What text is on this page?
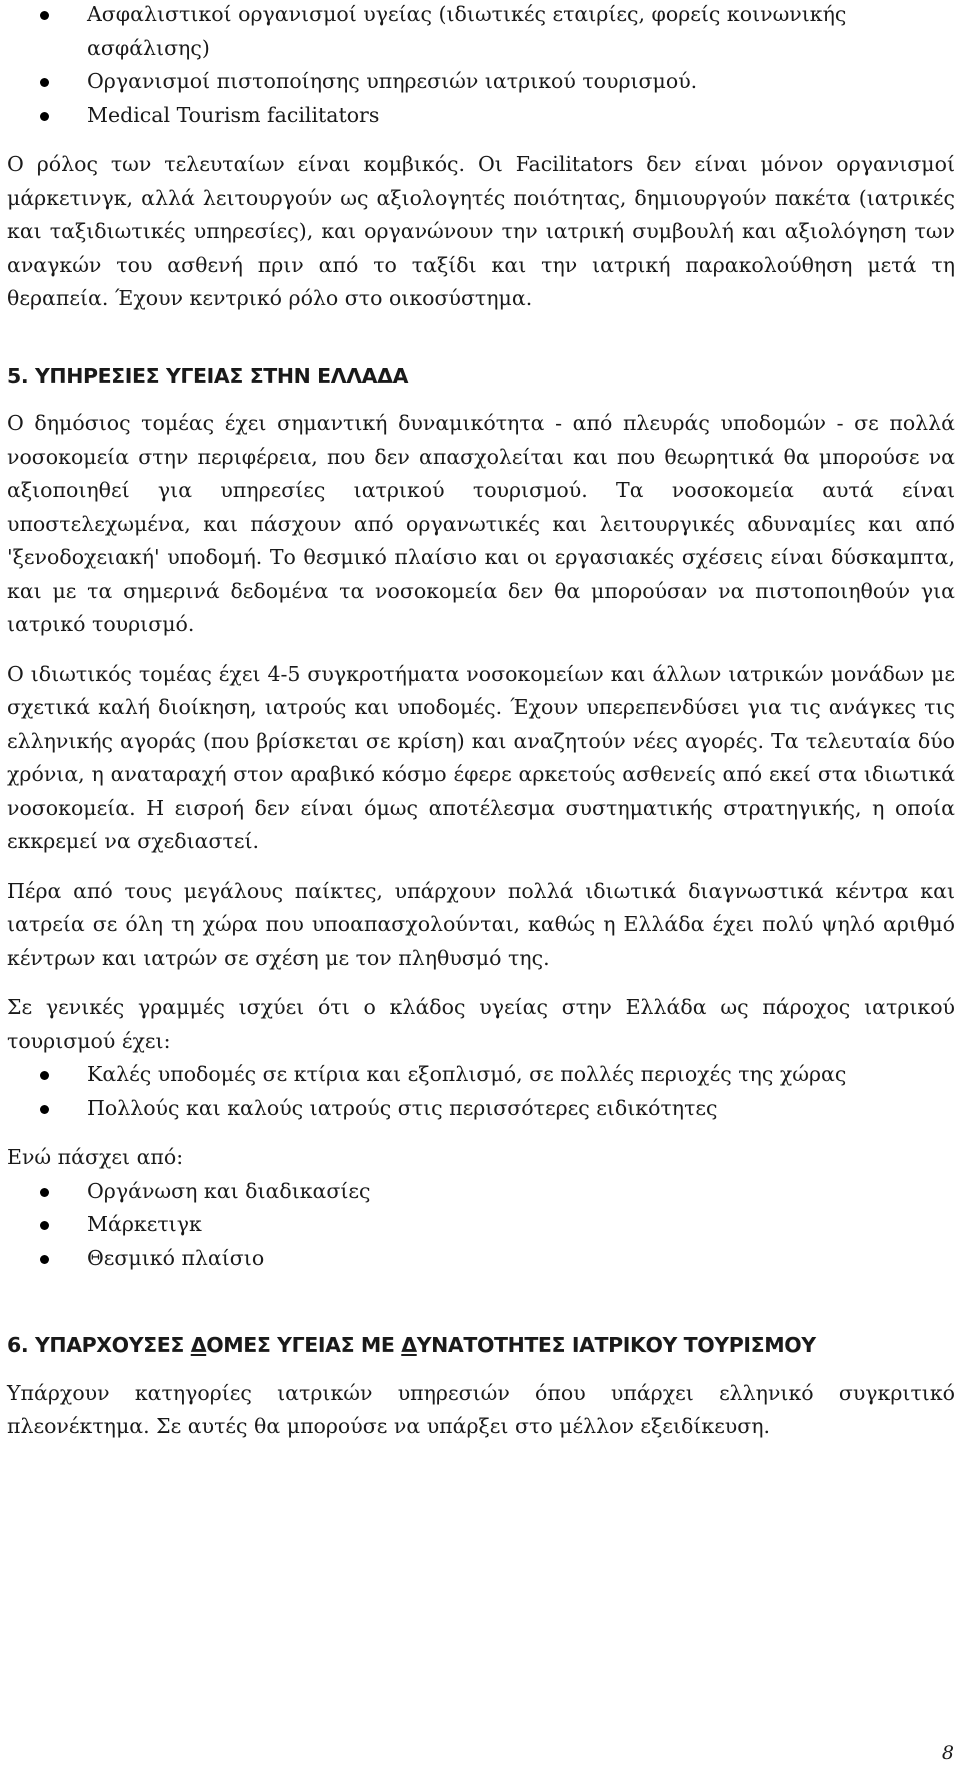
Ασφαλιστικοί οργανισμοί υγείας (ιδιωτικές εταιρίες, φορείς κοινωνικής ασφάλισης)
Οργανισμοί πιστοποίησης υπηρεσιών ιατρικού τουρισμού.
Medical Tourism facilitators

Ο ρόλος των τελευταίων είναι κομβικός. Οι Facilitators δεν είναι μόνον οργανισμοί μάρκετινγκ, αλλά λειτουργούν ως αξιολογητές ποιότητας, δημιουργούν πακέτα (ιατρικές και ταξιδιωτικές υπηρεσίες), και οργανώνουν την ιατρική συμβουλή και αξιολόγηση των αναγκών του ασθενή πριν από το ταξίδι και την ιατρική παρακολούθηση μετά τη θεραπεία. Έχουν κεντρικό ρόλο στο οικοσύστημα.

5. ΥΠΗΡΕΣΙΕΣ ΥΓΕΙΑΣ ΣΤΗΝ ΕΛΛΑΔΑ

Ο δημόσιος τομέας έχει σημαντική δυναμικότητα - από πλευράς υποδομών - σε πολλά νοσοκομεία στην περιφέρεια, που δεν απασχολείται και που θεωρητικά θα μπορούσε να αξιοποιηθεί για υπηρεσίες ιατρικού τουρισμού. Τα νοσοκομεία αυτά είναι υποστελεχωμένα, και πάσχουν από οργανωτικές και λειτουργικές αδυναμίες και από 'ξενοδοχειακή' υποδομή. Το θεσμικό πλαίσιο και οι εργασιακές σχέσεις είναι δύσκαμπτα, και με τα σημερινά δεδομένα τα νοσοκομεία δεν θα μπορούσαν να πιστοποιηθούν για ιατρικό τουρισμό.

Ο ιδιωτικός τομέας έχει 4-5 συγκροτήματα νοσοκομείων και άλλων ιατρικών μονάδων με σχετικά καλή διοίκηση, ιατρούς και υποδομές. Έχουν υπερεπενδύσει για τις ανάγκες τις ελληνικής αγοράς (που βρίσκεται σε κρίση) και αναζητούν νέες αγορές. Τα τελευταία δύο χρόνια, η αναταραχή στον αραβικό κόσμο έφερε αρκετούς ασθενείς από εκεί στα ιδιωτικά νοσοκομεία. Η εισροή δεν είναι όμως αποτέλεσμα συστηματικής στρατηγικής, η οποία εκκρεμεί να σχεδιαστεί.

Πέρα από τους μεγάλους παίκτες, υπάρχουν πολλά ιδιωτικά διαγνωστικά κέντρα και ιατρεία σε όλη τη χώρα που υποαπασχολούνται, καθώς η Ελλάδα έχει πολύ ψηλό αριθμό κέντρων και ιατρών σε σχέση με τον πληθυσμό της.

Σε γενικές γραμμές ισχύει ότι ο κλάδος υγείας στην Ελλάδα ως πάροχος ιατρικού τουρισμού έχει:

Καλές υποδομές σε κτίρια και εξοπλισμό, σε πολλές περιοχές της χώρας
Πολλούς και καλούς ιατρούς στις περισσότερες ειδικότητες

Ενώ πάσχει από:

Οργάνωση και διαδικασίες
Μάρκετιγκ
Θεσμικό πλαίσιο
6. ΥΠΑΡΧΟΥΣΕΣ ΔΟΜΕΣ ΥΓΕΙΑΣ ΜΕ ΔΥΝΑΤΟΤΗΤΕΣ ΙΑΤΡΙΚΟΥ ΤΟΥΡΙΣΜΟΥ

Υπάρχουν κατηγορίες ιατρικών υπηρεσιών όπου υπάρχει ελληνικό συγκριτικό πλεονέκτημα. Σε αυτές θα μπορούσε να υπάρξει στο μέλλον εξειδίκευση.

8
